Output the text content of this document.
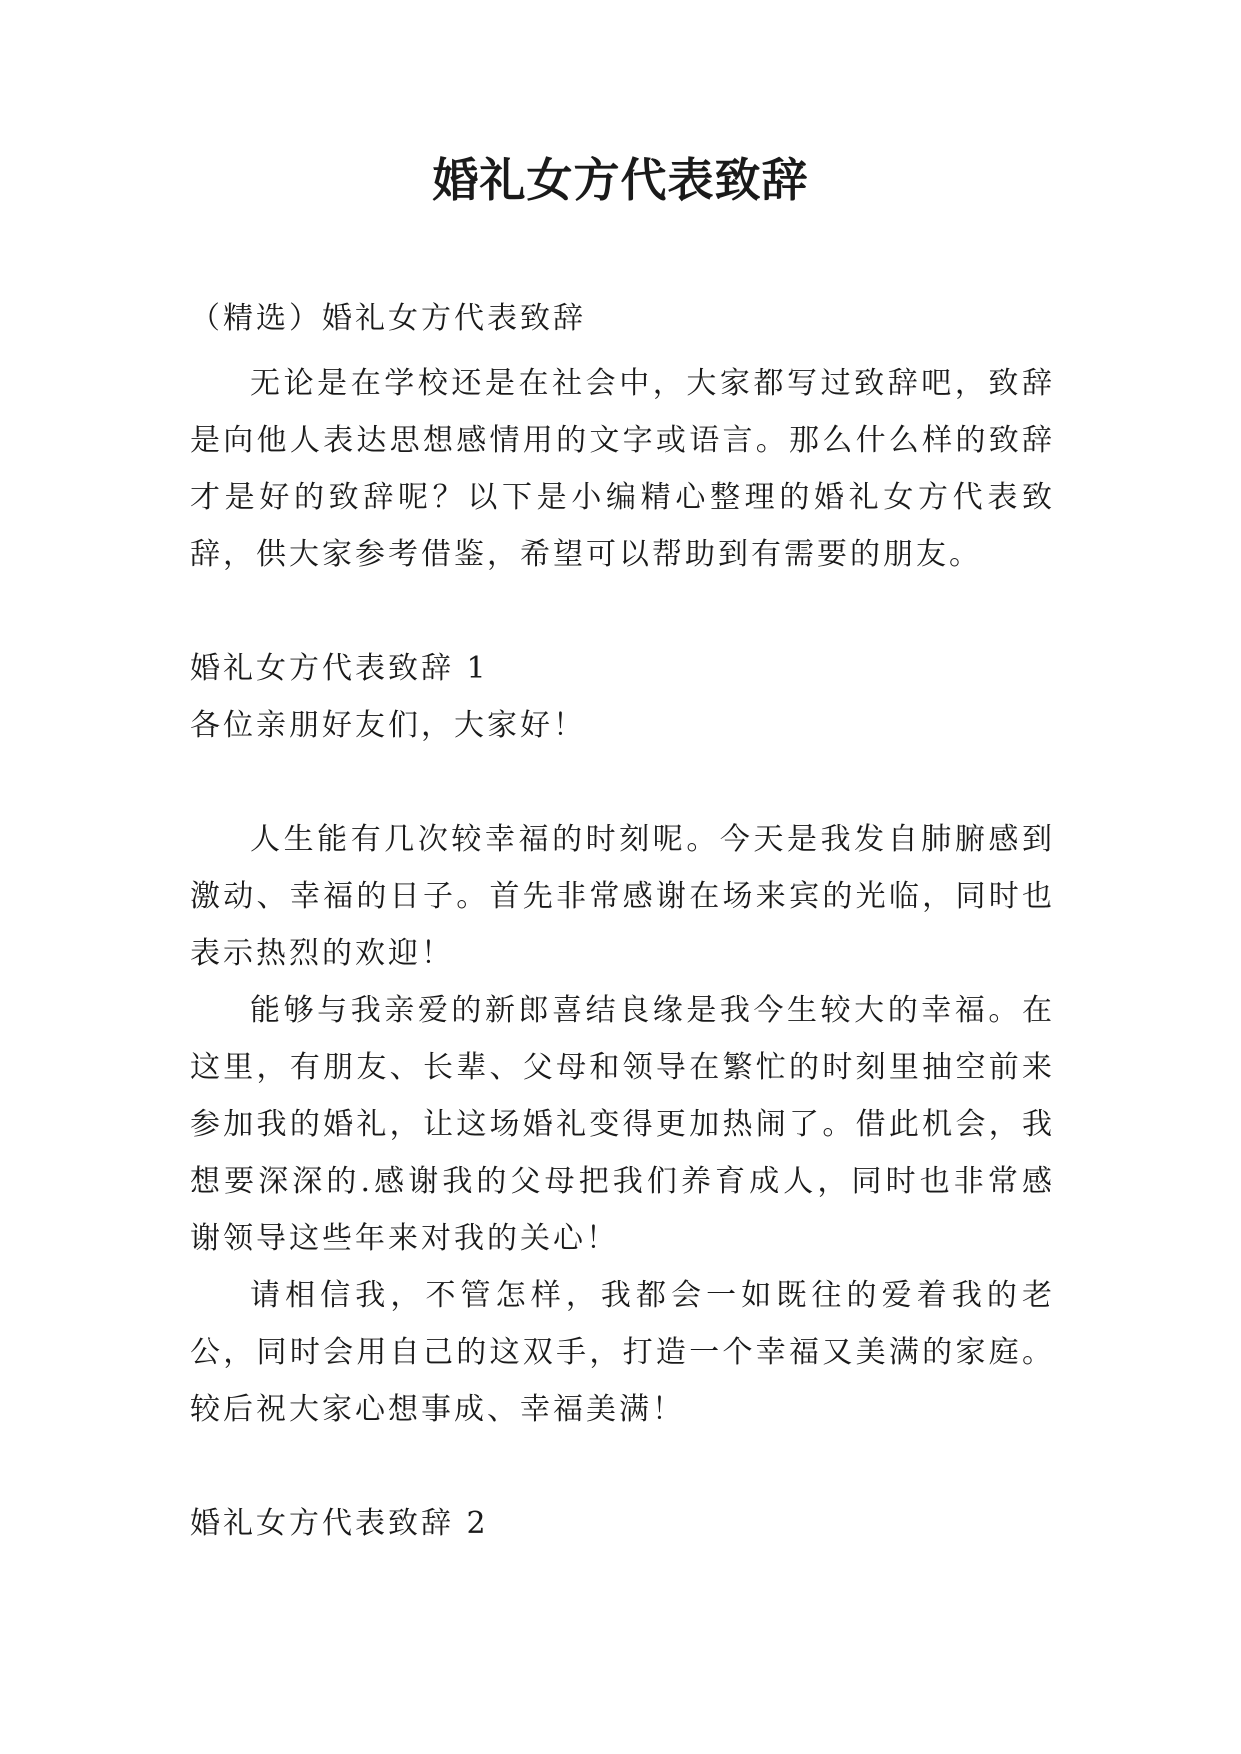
婚礼女方代表致辞

（精选）婚礼女方代表致辞

无论是在学校还是在社会中，大家都写过致辞吧，致辞是向他人表达思想感情用的文字或语言。那么什么样的致辞才是好的致辞呢？以下是小编精心整理的婚礼女方代表致辞，供大家参考借鉴，希望可以帮助到有需要的朋友。

婚礼女方代表致辞 1

各位亲朋好友们，大家好！

人生能有几次较幸福的时刻呢。今天是我发自肺腑感到激动、幸福的日子。首先非常感谢在场来宾的光临，同时也表示热烈的欢迎！

能够与我亲爱的新郎喜结良缘是我今生较大的幸福。在这里，有朋友、长辈、父母和领导在繁忙的时刻里抽空前来参加我的婚礼，让这场婚礼变得更加热闹了。借此机会，我想要深深的.感谢我的父母把我们养育成人，同时也非常感谢领导这些年来对我的关心！

请相信我，不管怎样，我都会一如既往的爱着我的老公，同时会用自己的这双手，打造一个幸福又美满的家庭。较后祝大家心想事成、幸福美满！

婚礼女方代表致辞 2
